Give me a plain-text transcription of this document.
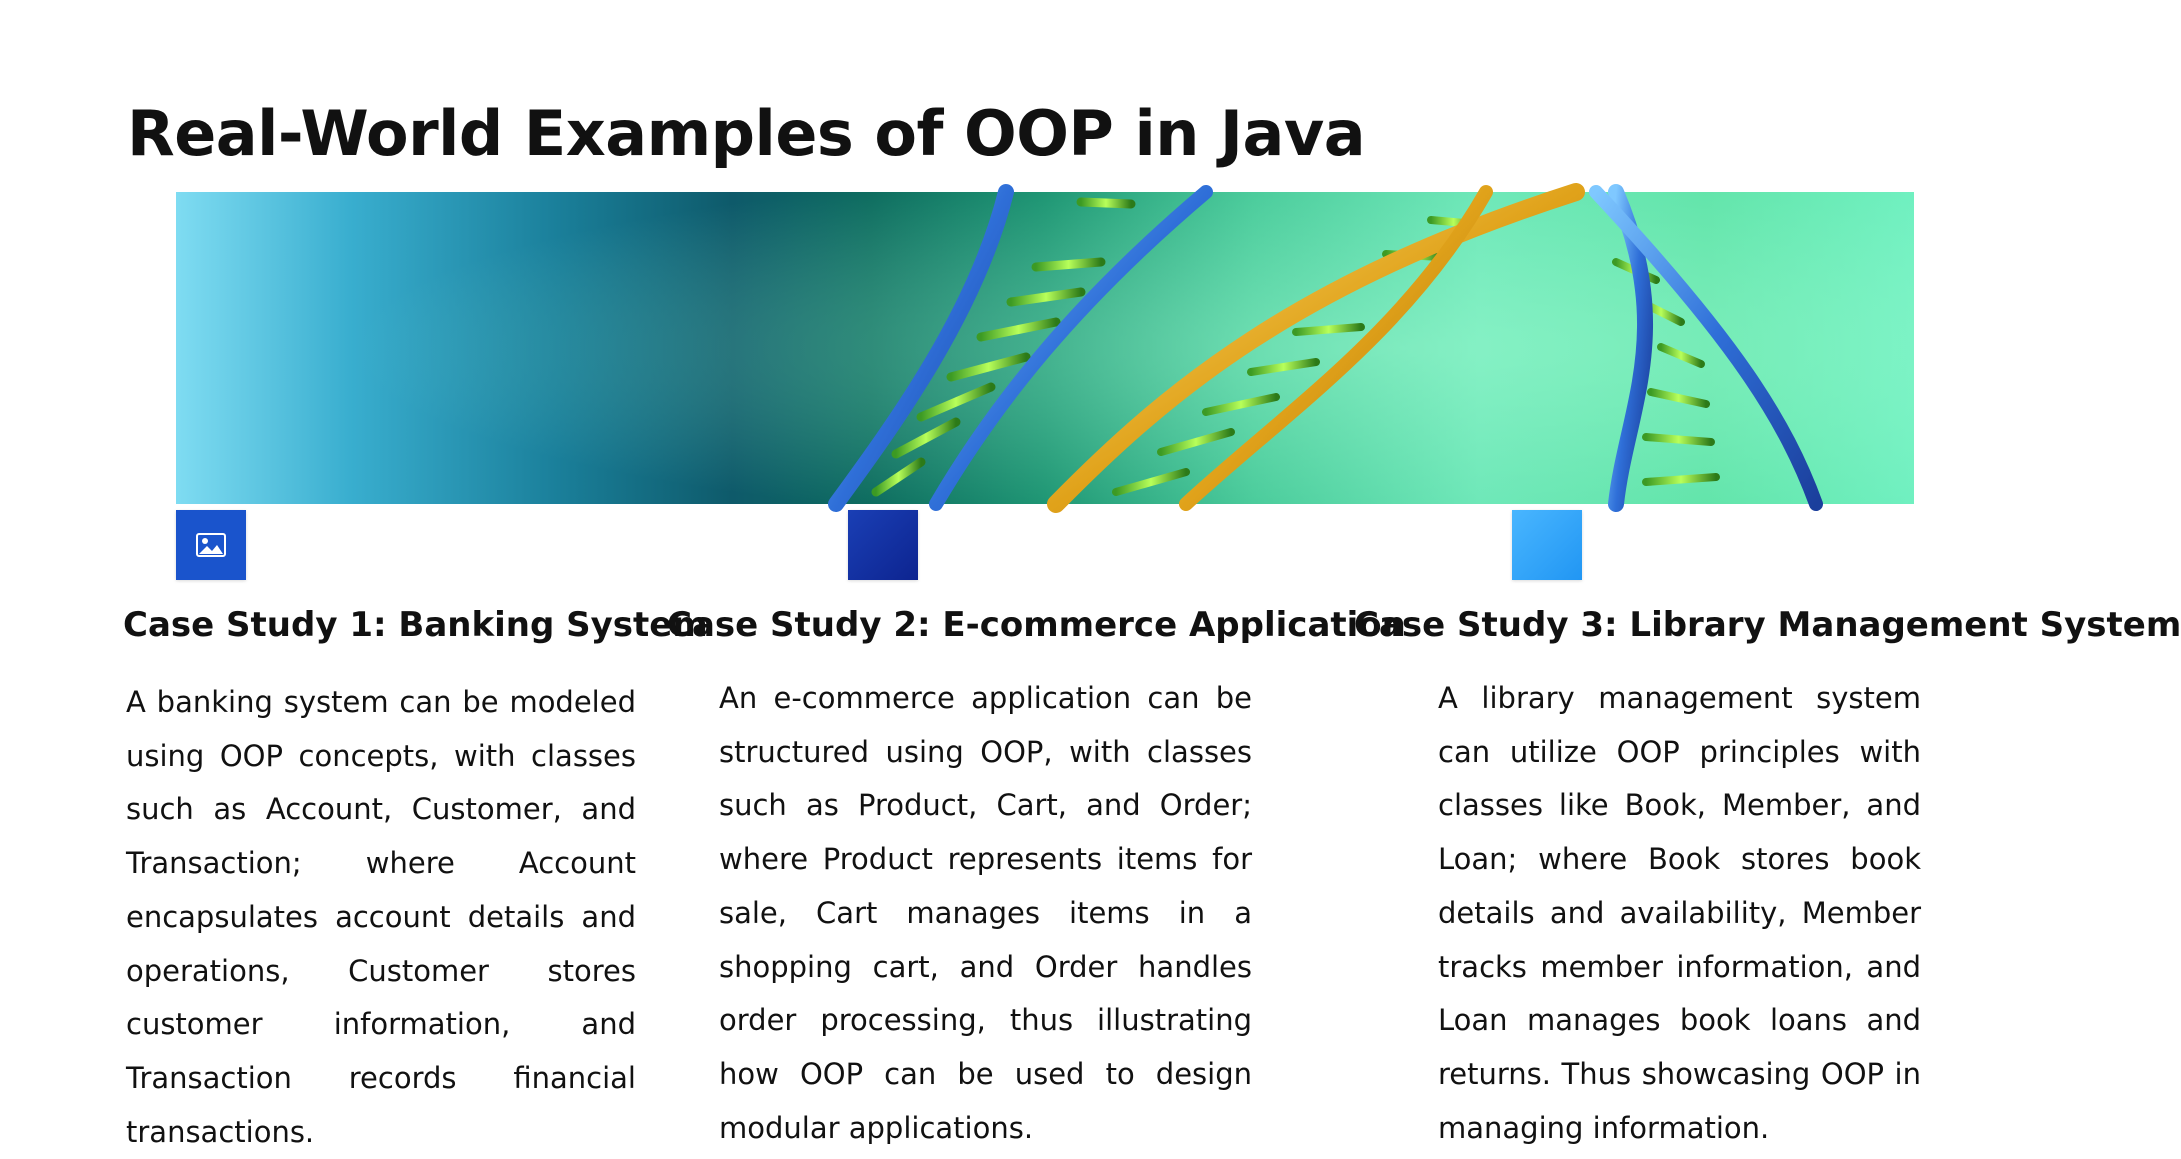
Real-World Examples of OOP in Java
Case Study 1: Banking System
Case Study 2: E-commerce Application
Case Study 3: Library Management System

A banking system can be modeled using OOP concepts, with classes such as Account, Customer, and Transaction; where Account encapsulates account details and operations, Customer stores customer information, and Transaction records financial transactions.

An e-commerce application can be structured using OOP, with classes such as Product, Cart, and Order; where Product represents items for sale, Cart manages items in a shopping cart, and Order handles order processing, thus illustrating how OOP can be used to design modular applications.

A library management system can utilize OOP principles with classes like Book, Member, and Loan; where Book stores book details and availability, Member tracks member information, and Loan manages book loans and returns. Thus showcasing OOP in managing information.
